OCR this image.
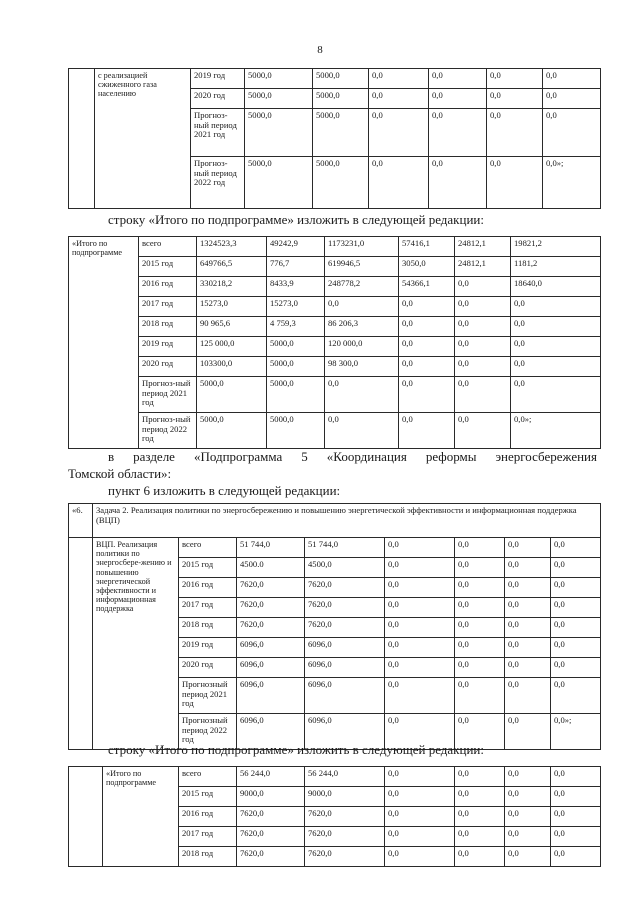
8
	с реализацией сжиженного газа населению	2019 год	5000,0	5000,0	0,0	0,0	0,0	0,0
		2020 год	5000,0	5000,0	0,0	0,0	0,0	0,0
		Прогноз-ный период 2021 год	5000,0	5000,0	0,0	0,0	0,0	0,0
		Прогноз-ный период 2022 год	5000,0	5000,0	0,0	0,0	0,0	0,0»;
строку «Итого по подпрограмме» изложить в следующей редакции:
«Итого по подпрограмме	всего	1324523,3	49242,9	1173231,0	57416,1	24812,1	19821,2
	2015 год	649766,5	776,7	619946,5	3050,0	24812,1	1181,2
	2016 год	330218,2	8433,9	248778,2	54366,1	0,0	18640,0
	2017 год	15273,0	15273,0	0,0	0,0	0,0	0,0
	2018 год	90 965,6	4 759,3	86 206,3	0,0	0,0	0,0
	2019 год	125 000,0	5000,0	120 000,0	0,0	0,0	0,0
	2020 год	103300,0	5000,0	98 300,0	0,0	0,0	0,0
	Прогноз-ный период 2021 год	5000,0	5000,0	0,0	0,0	0,0	0,0
	Прогноз-ный период 2022 год	5000,0	5000,0	0,0	0,0	0,0	0,0»;
в разделе «Подпрограмма 5 «Координация реформы энергосбережения
Томской области»:
пункт 6 изложить в следующей редакции:
«6.	Задача 2. Реализация политики по энергосбережению и повышению энергетической эффективности и информационная поддержка (ВЦП)							
	ВЦП. Реализация политики по энергосбере-жению и повышению энергетической эффективности и информационная поддержка	всего	51 744,0	51 744,0	0,0	0,0	0,0	0,0
		2015 год	4500.0	4500,0	0,0	0,0	0,0	0,0
		2016 год	7620,0	7620,0	0,0	0,0	0,0	0,0
		2017 год	7620,0	7620,0	0,0	0,0	0,0	0,0
		2018 год	7620,0	7620,0	0,0	0,0	0,0	0,0
		2019 год	6096,0	6096,0	0,0	0,0	0,0	0,0
		2020 год	6096,0	6096,0	0,0	0,0	0,0	0,0
		Прогнозный период 2021 год	6096,0	6096,0	0,0	0,0	0,0	0,0
		Прогнозный период 2022 год	6096,0	6096,0	0,0	0,0	0,0	0,0»;
строку «Итого по подпрограмме» изложить в следующей редакции:
	«Итого по подпрограмме	всего	56 244,0	56 244,0	0,0	0,0	0,0	0,0
		2015 год	9000,0	9000,0	0,0	0,0	0,0	0,0
		2016 год	7620,0	7620,0	0,0	0,0	0,0	0,0
		2017 год	7620,0	7620,0	0,0	0,0	0,0	0,0
		2018 год	7620,0	7620,0	0,0	0,0	0,0	0,0
